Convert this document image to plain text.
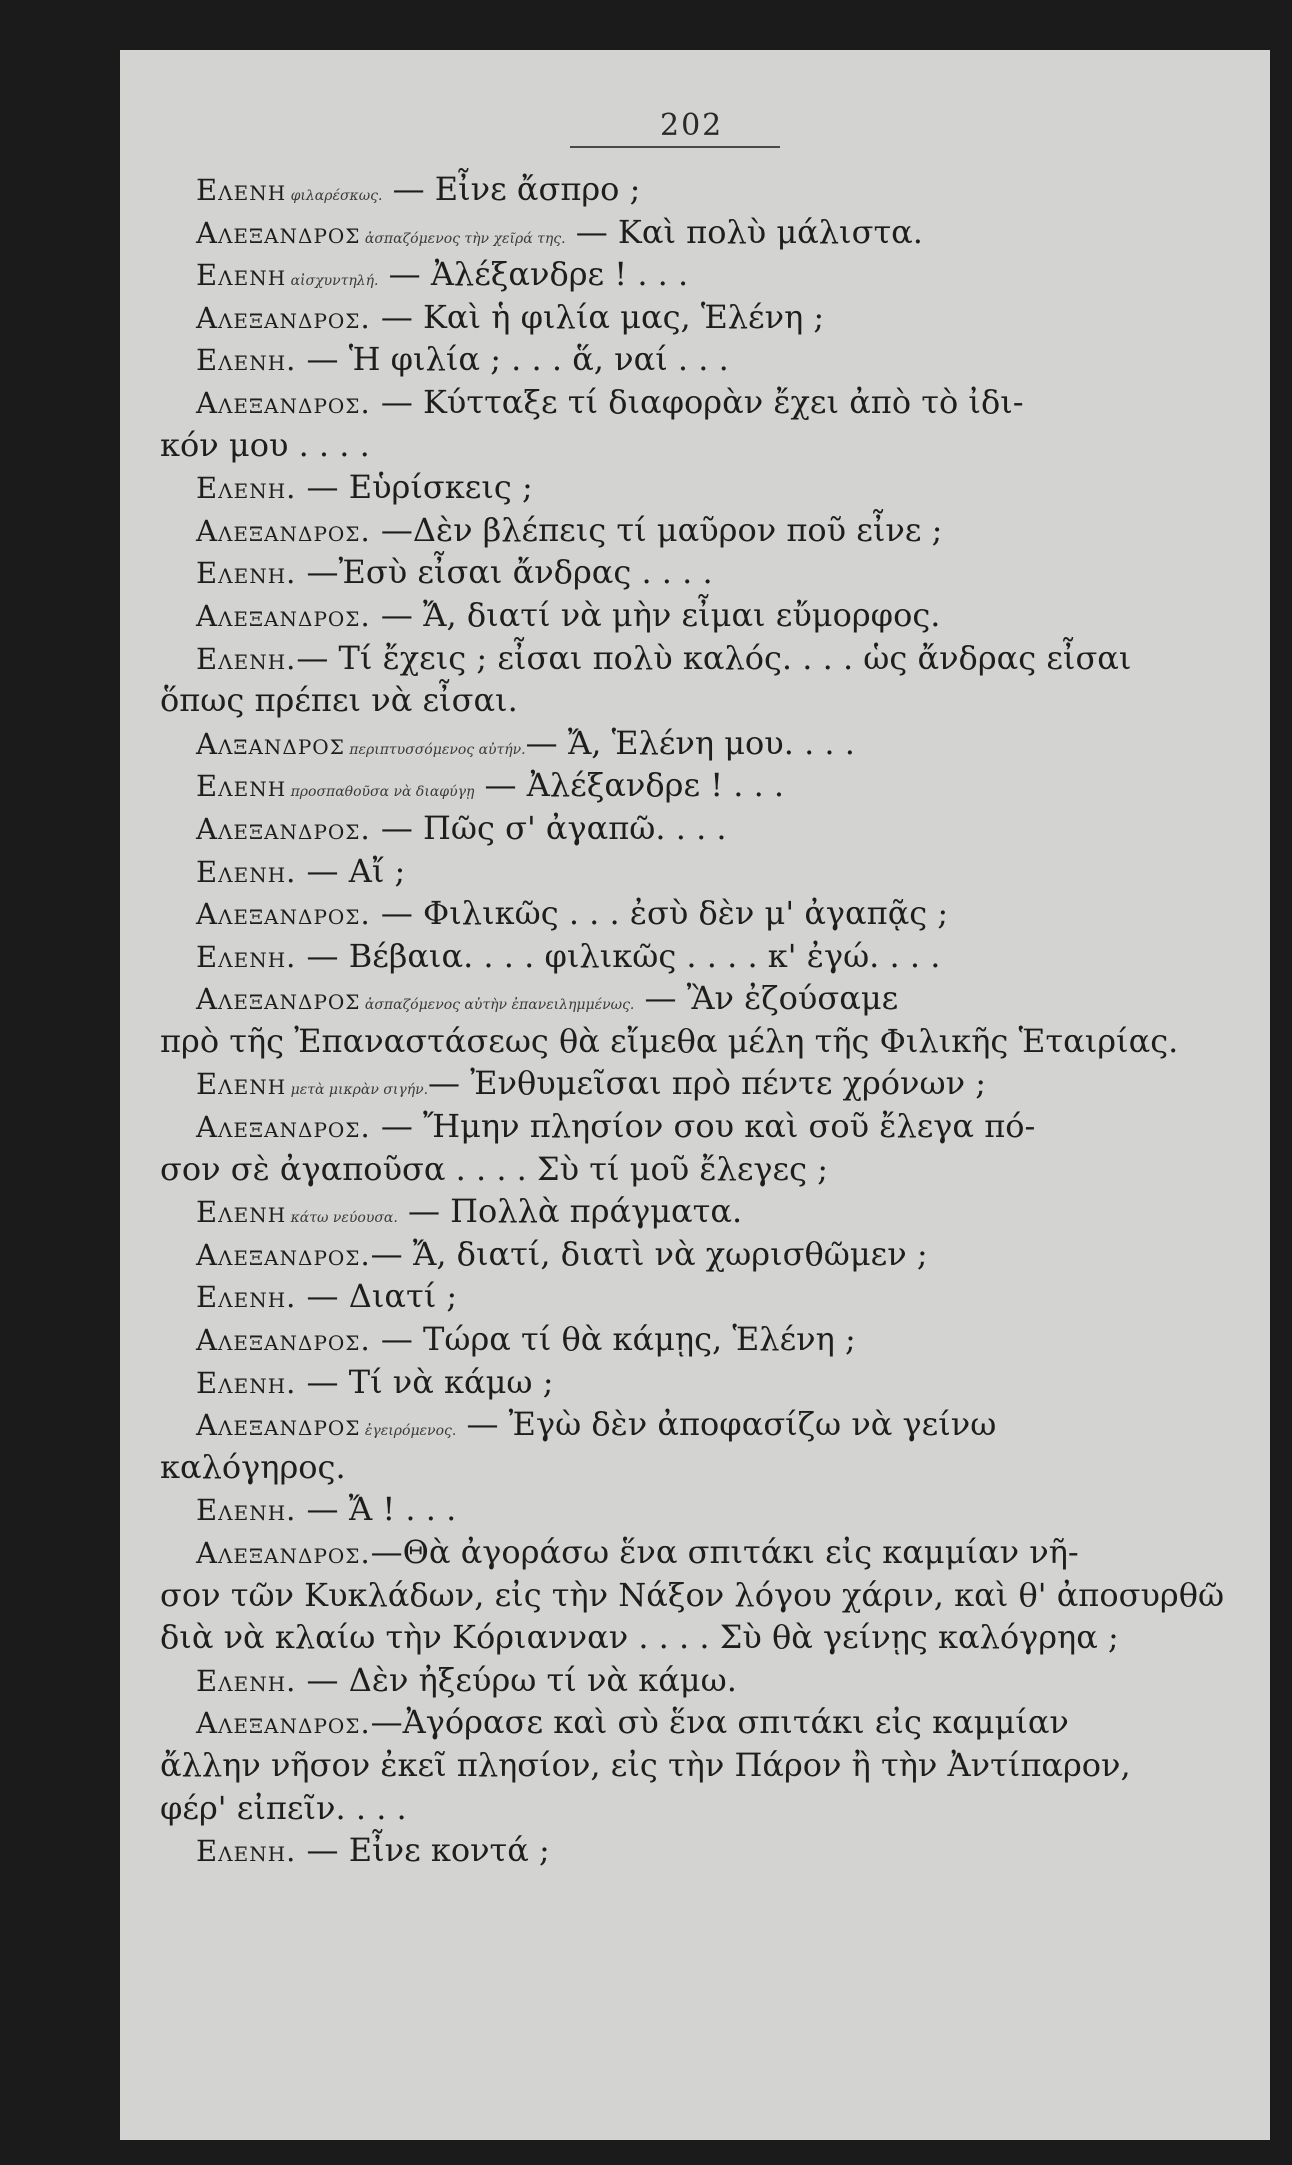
202
Ελενη φιλαρέσκως. — Εἶνε ἄσπρο ;
Αλεξανδρος ἀσπαζόμενος τὴν χεῖρά της. — Καὶ πολὺ μάλιστα.
Ελενη αἰσχυντηλή. — Ἀλέξανδρε ! . . .
Αλεξανδρος. — Καὶ ἡ φιλία μας, Ἑλένη ;
Ελενη. — Ἡ φιλία ; . . . ἅ, ναί . . .
Αλεξανδρος. — Κύτταξε τί διαφορὰν ἔχει ἀπὸ τὸ ἰδι-
κόν μου . . . .
Ελενη. — Εὑρίσκεις ;
Αλεξανδρος. —Δὲν βλέπεις τί μαῦρον ποῦ εἶνε ;
Ελενη. —Ἐσὺ εἶσαι ἄνδρας . . . .
Αλεξανδρος. — Ἄ, διατί νὰ μὴν εἶμαι εὔμορφος.
Ελενη.— Τί ἔχεις ; εἶσαι πολὺ καλός. . . . ὡς ἄνδρας εἶσαι
ὅπως πρέπει νὰ εἶσαι.
Αλξανδρος περιπτυσσόμενος αὐτήν.— Ἄ, Ἑλένη μου. . . .
Ελενη προσπαθοῦσα νὰ διαφύγῃ — Ἀλέξανδρε ! . . .
Αλεξανδρος. — Πῶς σ' ἀγαπῶ. . . .
Ελενη. — Αἴ ;
Αλεξανδρος. — Φιλικῶς . . . ἐσὺ δὲν μ' ἀγαπᾷς ;
Ελενη. — Βέβαια. . . . φιλικῶς . . . . κ' ἐγώ. . . .
Αλεξανδρος ἀσπαζόμενος αὐτὴν ἐπανειλημμένως. — Ἂν ἐζούσαμε
πρὸ τῆς Ἐπαναστάσεως θὰ εἴμεθα μέλη τῆς Φιλικῆς Ἑταιρίας.
Ελενη μετὰ μικρὰν σιγήν.— Ἐνθυμεῖσαι πρὸ πέντε χρόνων ;
Αλεξανδρος. — Ἤμην πλησίον σου καὶ σοῦ ἔλεγα πό-
σον σὲ ἀγαποῦσα . . . . Σὺ τί μοῦ ἔλεγες ;
Ελενη κάτω νεύουσα. — Πολλὰ πράγματα.
Αλεξανδρος.— Ἄ, διατί, διατὶ νὰ χωρισθῶμεν ;
Ελενη. — Διατί ;
Αλεξανδρος. — Τώρα τί θὰ κάμῃς, Ἑλένη ;
Ελενη. — Τί νὰ κάμω ;
Αλεξανδρος ἐγειρόμενος. — Ἐγὼ δὲν ἀποφασίζω νὰ γείνω
καλόγηρος.
Ελενη. — Ἄ ! . . .
Αλεξανδρος.—Θὰ ἀγοράσω ἕνα σπιτάκι εἰς καμμίαν νῆ-
σον τῶν Κυκλάδων, εἰς τὴν Νάξον λόγου χάριν, καὶ θ' ἀποσυρθῶ
διὰ νὰ κλαίω τὴν Κόριανναν . . . . Σὺ θὰ γείνῃς καλόγρηα ;
Ελενη. — Δὲν ἠξεύρω τί νὰ κάμω.
Αλεξανδρος.—Ἀγόρασε καὶ σὺ ἕνα σπιτάκι εἰς καμμίαν
ἄλλην νῆσον ἐκεῖ πλησίον, εἰς τὴν Πάρον ἢ τὴν Ἀντίπαρον,
φέρ' εἰπεῖν. . . .
Ελενη. — Εἶνε κοντά ;
